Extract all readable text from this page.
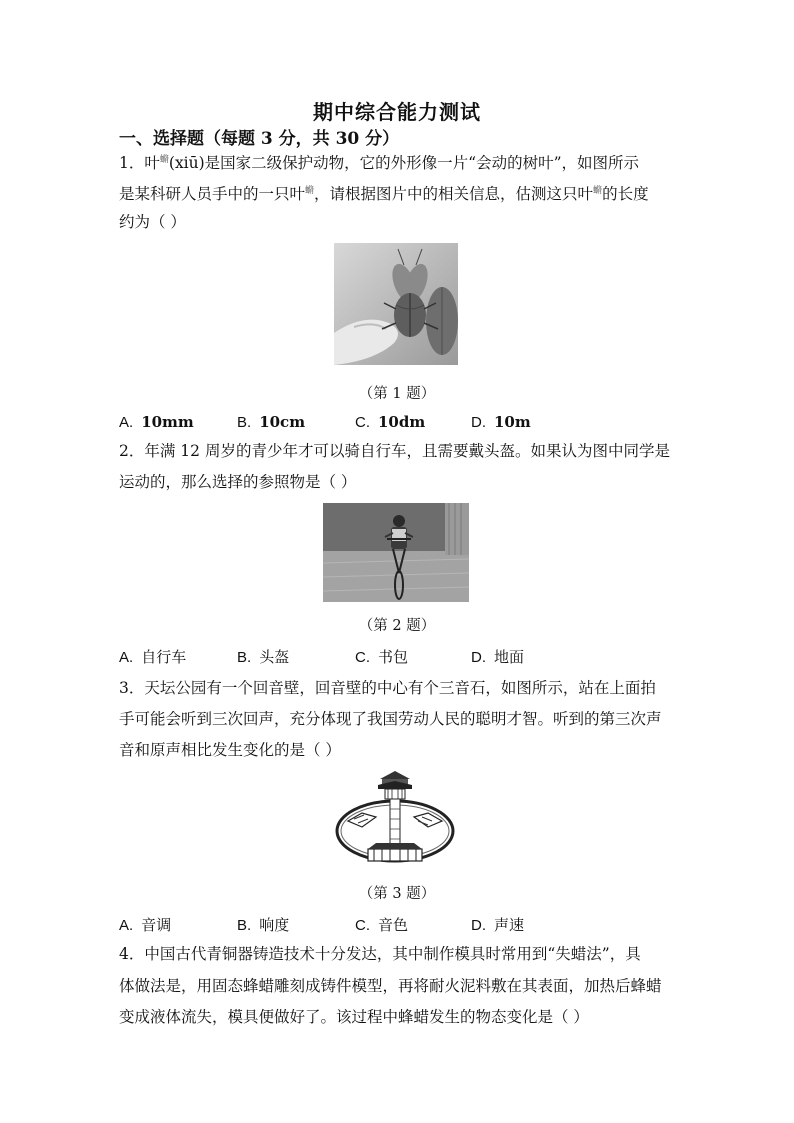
期中综合能力测试
一、选择题（每题 3 分，共 30 分）
1．叶$^䗛$(xiū)是国家二级保护动物，它的外形像一片“会动的树叶”，如图所示
是某科研人员手中的一只叶$^䗛$，请根据图片中的相关信息，估测这只叶$^䗛$的长度
约为（ ）
（第 1 题）
A. 10mm	B. 10cm	C. 10dm	D. 10m
2．年满 12 周岁的青少年才可以骑自行车，且需要戴头盔。如果认为图中同学是
运动的，那么选择的参照物是（ ）
（第 2 题）
A. 自行车	B. 头盔	C. 书包	D. 地面
3．天坛公园有一个回音壁，回音壁的中心有个三音石，如图所示，站在上面拍
手可能会听到三次回声，充分体现了我国劳动人民的聪明才智。听到的第三次声
音和原声相比发生变化的是（ ）
（第 3 题）
A. 音调	B. 响度	C. 音色	D. 声速
4．中国古代青铜器铸造技术十分发达，其中制作模具时常用到“失蜡法”，具
体做法是，用固态蜂蜡雕刻成铸件模型，再将耐火泥料敷在其表面，加热后蜂蜡
变成液体流失，模具便做好了。该过程中蜂蜡发生的物态变化是（ ）
